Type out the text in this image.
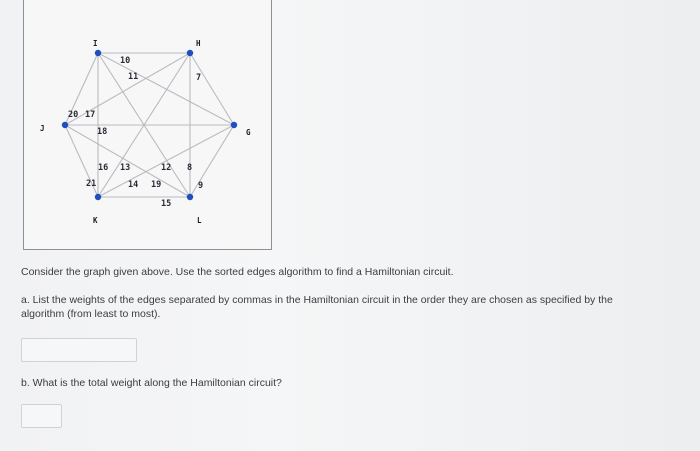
I	H
J	G
K	L
10
11	7
20 17
18
16 13	12 8
21	14 19	9
15
Consider the graph given above. Use the sorted edges algorithm to find a Hamiltonian circuit.
a. List the weights of the edges separated by commas in the Hamiltonian circuit in the order they are chosen as specified by the algorithm (from least to most).
b. What is the total weight along the Hamiltonian circuit?
